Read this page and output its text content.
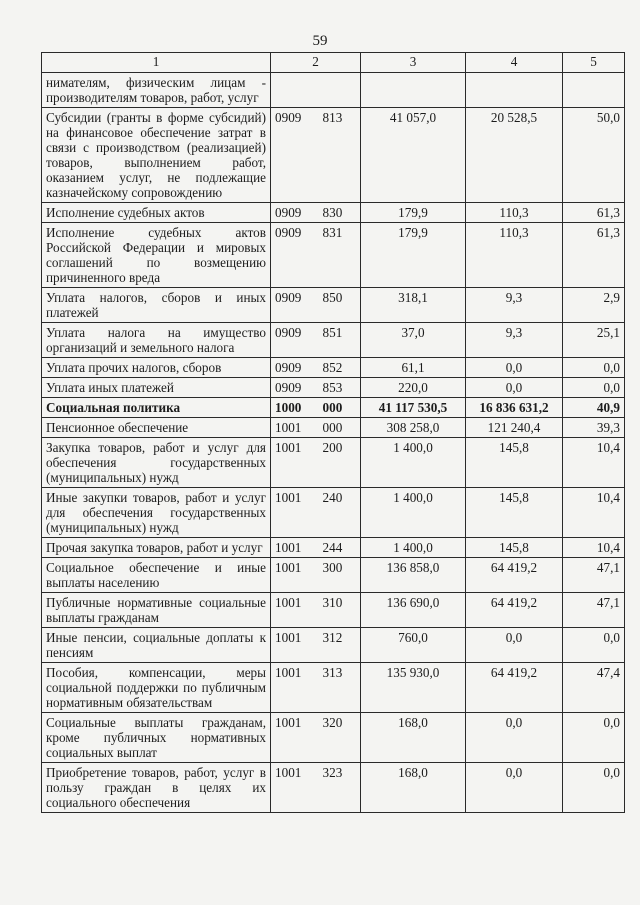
59
1	2		3	4	5
нимателям, физическим лицам - производителям товаров, работ, услуг					
Субсидии (гранты в форме субсидий) на финансовое обеспечение затрат в связи с производством (реализацией) товаров, выполнением работ, оказанием услуг, не подлежащие казначейскому сопровождению	0909	813	41 057,0	20 528,5	50,0
Исполнение судебных актов	0909	830	179,9	110,3	61,3
Исполнение судебных актов Российской Федерации и мировых соглашений по возмещению причиненного вреда	0909	831	179,9	110,3	61,3
Уплата налогов, сборов и иных платежей	0909	850	318,1	9,3	2,9
Уплата налога на имущество организаций и земельного налога	0909	851	37,0	9,3	25,1
Уплата прочих налогов, сборов	0909	852	61,1	0,0	0,0
Уплата иных платежей	0909	853	220,0	0,0	0,0
Социальная политика	1000	000	41 117 530,5	16 836 631,2	40,9
Пенсионное обеспечение	1001	000	308 258,0	121 240,4	39,3
Закупка товаров, работ и услуг для обеспечения государственных (муниципальных) нужд	1001	200	1 400,0	145,8	10,4
Иные закупки товаров, работ и услуг для обеспечения государственных (муниципальных) нужд	1001	240	1 400,0	145,8	10,4
Прочая закупка товаров, работ и услуг	1001	244	1 400,0	145,8	10,4
Социальное обеспечение и иные выплаты населению	1001	300	136 858,0	64 419,2	47,1
Публичные нормативные социальные выплаты гражданам	1001	310	136 690,0	64 419,2	47,1
Иные пенсии, социальные доплаты к пенсиям	1001	312	760,0	0,0	0,0
Пособия, компенсации, меры социальной поддержки по публичным нормативным обязательствам	1001	313	135 930,0	64 419,2	47,4
Социальные выплаты гражданам, кроме публичных нормативных социальных выплат	1001	320	168,0	0,0	0,0
Приобретение товаров, работ, услуг в пользу граждан в целях их социального обеспечения	1001	323	168,0	0,0	0,0
